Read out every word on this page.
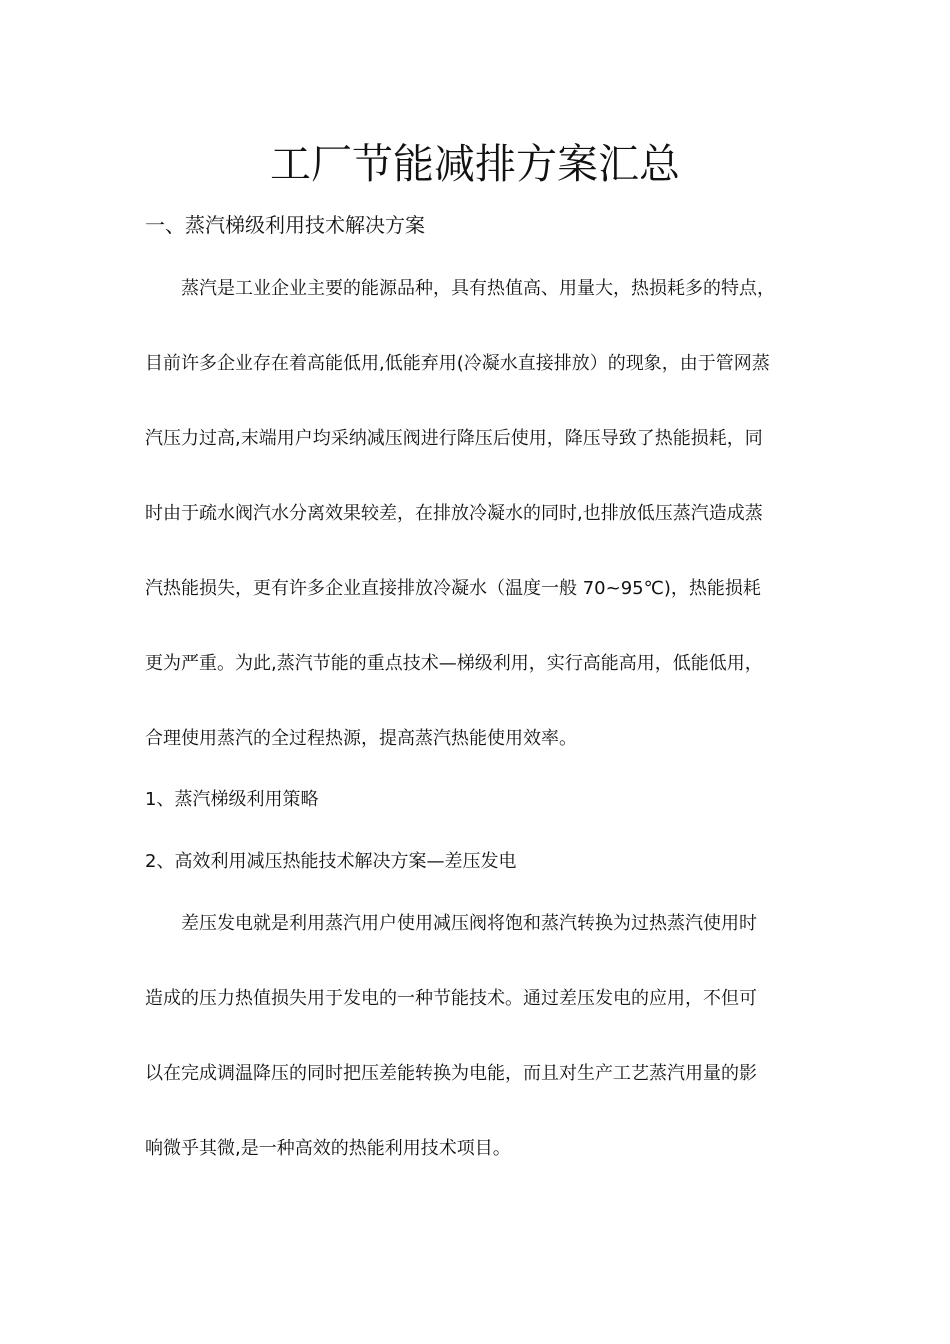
工厂节能减排方案汇总
一、蒸汽梯级利用技术解决方案
蒸汽是工业企业主要的能源品种，具有热值高、用量大，热损耗多的特点，
目前许多企业存在着高能低用,低能弃用(冷凝水直接排放）的现象，由于管网蒸
汽压力过高,末端用户均采纳减压阀进行降压后使用，降压导致了热能损耗，同
时由于疏水阀汽水分离效果较差，在排放冷凝水的同时,也排放低压蒸汽造成蒸
汽热能损失，更有许多企业直接排放冷凝水（温度一般 70~95℃)，热能损耗
更为严重。为此,蒸汽节能的重点技术—梯级利用，实行高能高用，低能低用，
合理使用蒸汽的全过程热源，提高蒸汽热能使用效率。

1、蒸汽梯级利用策略

2、高效利用减压热能技术解决方案—差压发电

差压发电就是利用蒸汽用户使用减压阀将饱和蒸汽转换为过热蒸汽使用时
造成的压力热值损失用于发电的一种节能技术。通过差压发电的应用，不但可
以在完成调温降压的同时把压差能转换为电能，而且对生产工艺蒸汽用量的影
响微乎其微,是一种高效的热能利用技术项目。
